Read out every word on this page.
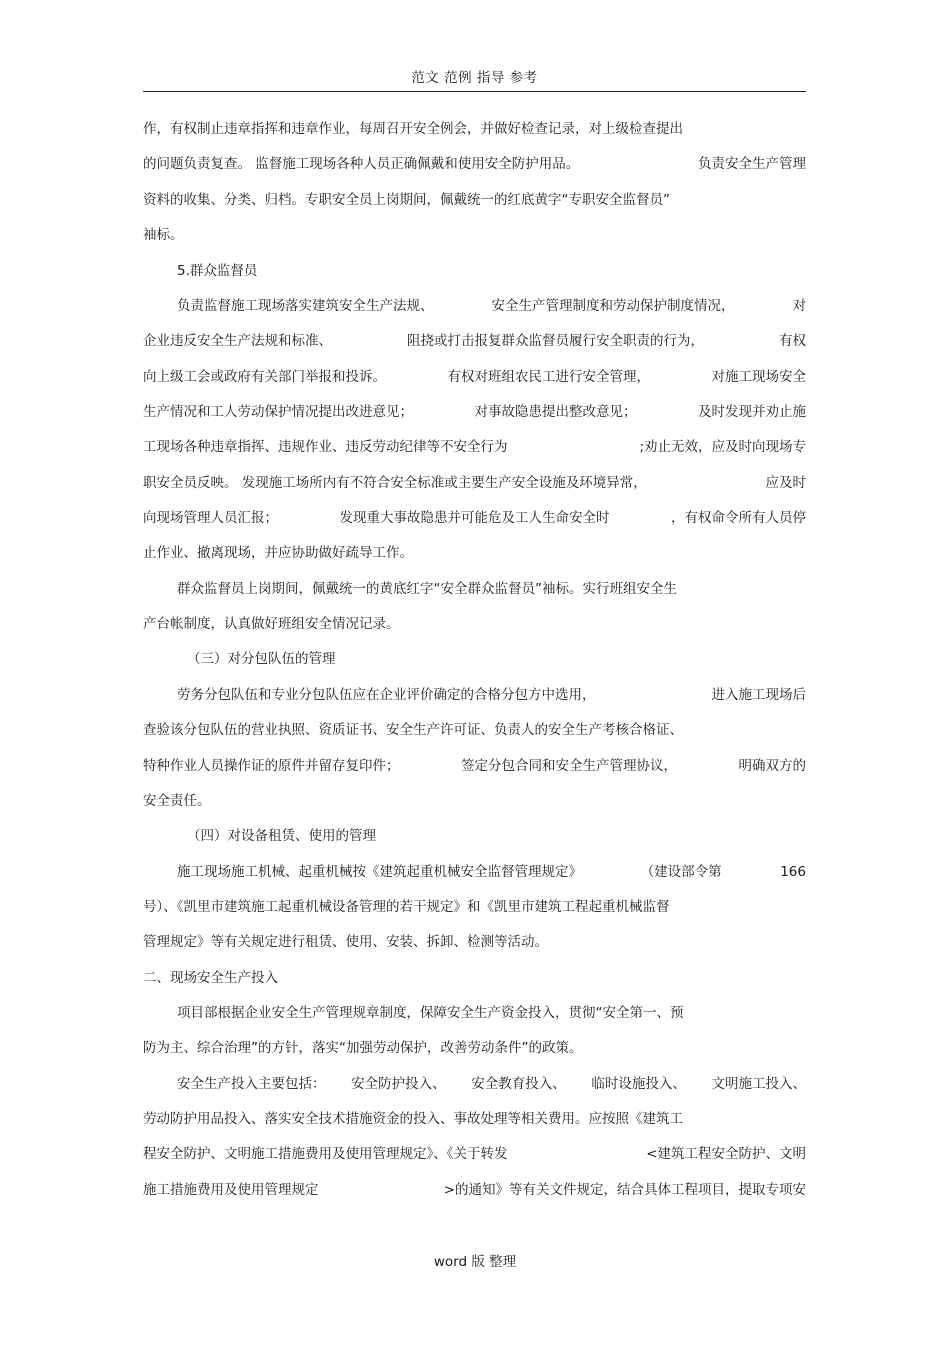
范文 范例 指导 参考
作，有权制止违章指挥和违章作业，每周召开安全例会，并做好检查记录，对上级检查提出
的问题负责复查。 监督施工现场各种人员正确佩戴和使用安全防护用品。	负责安全生产管理
资料的收集、分类、归档。专职安全员上岗期间，佩戴统一的红底黄字“专职安全监督员”
袖标。
5.群众监督员
负责监督施工现场落实建筑安全生产法规、	安全生产管理制度和劳动保护制度情况，	对
企业违反安全生产法规和标准、	阻挠或打击报复群众监督员履行安全职责的行为，	有权
向上级工会或政府有关部门举报和投诉。	有权对班组农民工进行安全管理，	对施工现场安全
生产情况和工人劳动保护情况提出改进意见；	对事故隐患提出整改意见；	及时发现并劝止施
工现场各种违章指挥、违规作业、违反劳动纪律等不安全行为	;劝止无效，应及时向现场专
职安全员反映。 发现施工场所内有不符合安全标准或主要生产安全设施及环境异常，	应及时
向现场管理人员汇报；	发现重大事故隐患并可能危及工人生命安全时	，有权命令所有人员停
止作业、撤离现场，并应协助做好疏导工作。
群众监督员上岗期间，佩戴统一的黄底红字“安全群众监督员”袖标。实行班组安全生
产台帐制度，认真做好班组安全情况记录。
（三）对分包队伍的管理
劳务分包队伍和专业分包队伍应在企业评价确定的合格分包方中选用，	进入施工现场后
查验该分包队伍的营业执照、资质证书、安全生产许可证、负责人的安全生产考核合格证、
特种作业人员操作证的原件并留存复印件；	签定分包合同和安全生产管理协议，	明确双方的
安全责任。
（四）对设备租赁、使用的管理
施工现场施工机械、起重机械按《建筑起重机械安全监督管理规定》	（建设部令第	166
号）、《凯里市建筑施工起重机械设备管理的若干规定》和《凯里市建筑工程起重机械监督
管理规定》等有关规定进行租赁、使用、安装、拆卸、检测等活动。
二、现场安全生产投入
项目部根据企业安全生产管理规章制度，保障安全生产资金投入，贯彻“安全第一、预
防为主、综合治理”的方针，落实“加强劳动保护，改善劳动条件”的政策。
安全生产投入主要包括： 安全防护投入、 安全教育投入、 临时设施投入、 文明施工投入、
劳动防护用品投入、落实安全技术措施资金的投入、事故处理等相关费用。应按照《建筑工
程安全防护、文明施工措施费用及使用管理规定》、《关于转发	<建筑工程安全防护、文明
施工措施费用及使用管理规定	>的通知》等有关文件规定，结合具体工程项目，提取专项安
word 版 整理
